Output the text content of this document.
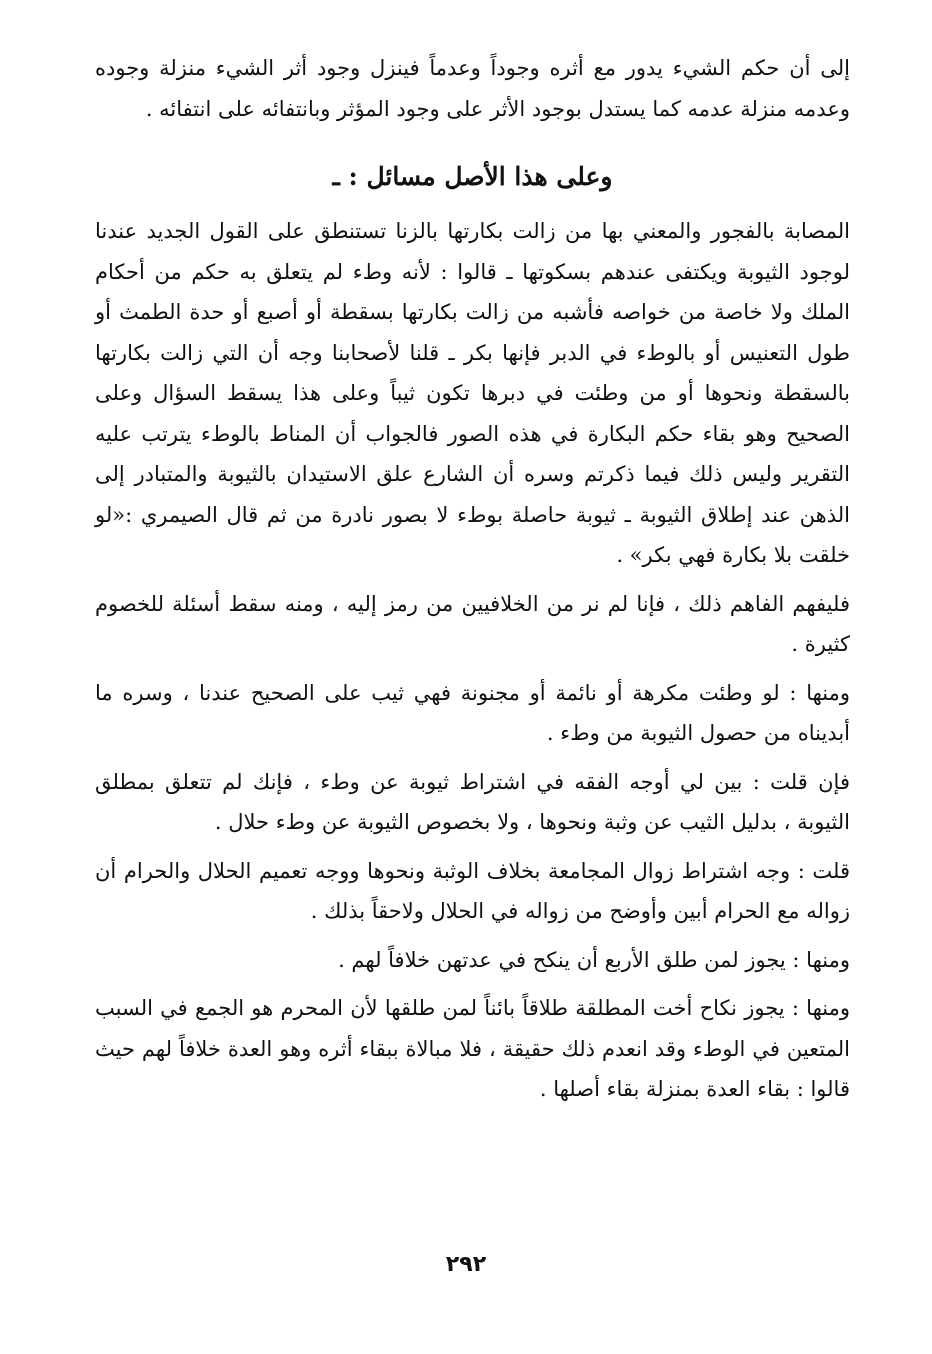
إلى أن حكم الشيء يدور مع أثره وجوداً وعدماً فينزل وجود أثر الشيء منزلة وجوده وعدمه منزلة عدمه كما يستدل بوجود الأثر على وجود المؤثر وبانتفائه على انتفائه .

وعلى هذا الأصل مسائل : ـ

المصابة بالفجور والمعني بها من زالت بكارتها بالزنا تستنطق على القول الجديد عندنا لوجود الثيوبة ويكتفى عندهم بسكوتها ـ قالوا : لأنه وطء لم يتعلق به حكم من أحكام الملك ولا خاصة من خواصه فأشبه من زالت بكارتها بسقطة أو أصبع أو حدة الطمث أو طول التعنيس أو بالوطء في الدبر فإنها بكر ـ قلنا لأصحابنا وجه أن التي زالت بكارتها بالسقطة ونحوها أو من وطئت في دبرها تكون ثيباً وعلى هذا يسقط السؤال وعلى الصحيح وهو بقاء حكم البكارة في هذه الصور فالجواب أن المناط بالوطء يترتب عليه التقرير وليس ذلك فيما ذكرتم وسره أن الشارع علق الاستيدان بالثيوبة والمتبادر إلى الذهن عند إطلاق الثيوبة ـ ثيوبة حاصلة بوطء لا بصور نادرة من ثم قال الصيمري :«لو خلقت بلا بكارة فهي بكر» .

فليفهم الفاهم ذلك ، فإنا لم نر من الخلافيين من رمز إليه ، ومنه سقط أسئلة للخصوم كثيرة .

ومنها : لو وطئت مكرهة أو نائمة أو مجنونة فهي ثيب على الصحيح عندنا ، وسره ما أبديناه من حصول الثيوبة من وطء .

فإن قلت : بين لي أوجه الفقه في اشتراط ثيوبة عن وطء ، فإنك لم تتعلق بمطلق الثيوبة ، بدليل الثيب عن وثبة ونحوها ، ولا بخصوص الثيوبة عن وطء حلال .

قلت : وجه اشتراط زوال المجامعة بخلاف الوثبة ونحوها ووجه تعميم الحلال والحرام أن زواله مع الحرام أبين وأوضح من زواله في الحلال ولاحقاً بذلك .

ومنها : يجوز لمن طلق الأربع أن ينكح في عدتهن خلافاً لهم .

ومنها : يجوز نكاح أخت المطلقة طلاقاً بائناً لمن طلقها لأن المحرم هو الجمع في السبب المتعين في الوطء وقد انعدم ذلك حقيقة ، فلا مبالاة ببقاء أثره وهو العدة خلافاً لهم حيث قالوا : بقاء العدة بمنزلة بقاء أصلها .

٢٩٢
